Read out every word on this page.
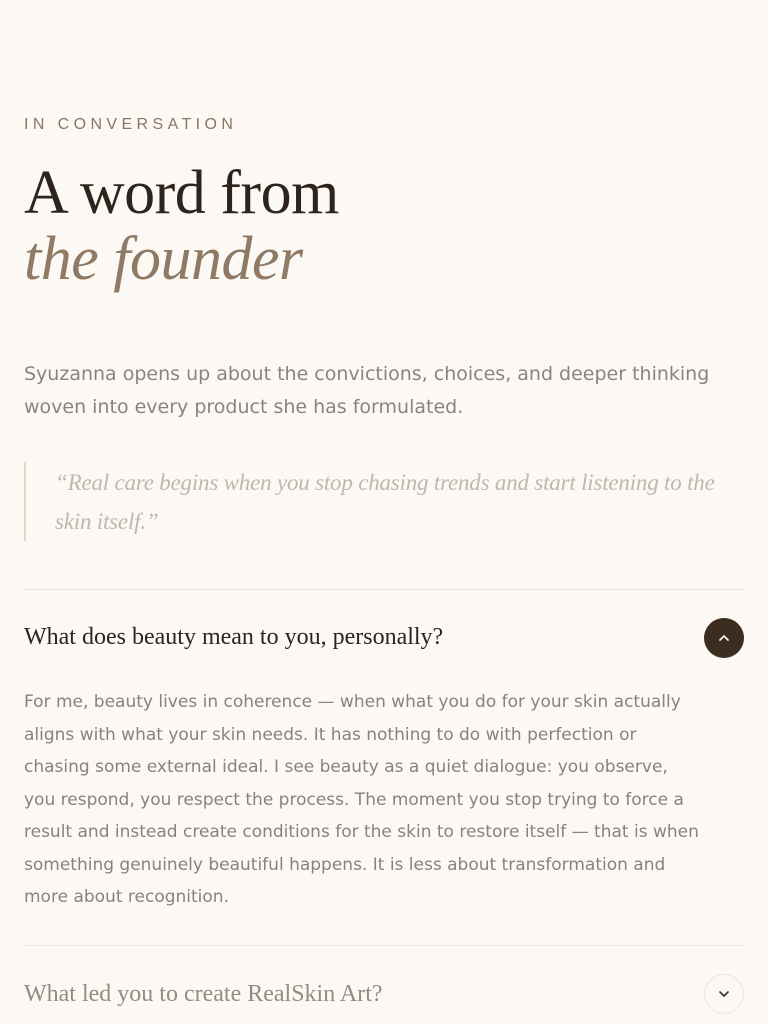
IN CONVERSATION
A word from
the founder

Syuzanna opens up about the convictions, choices, and deeper thinking woven into every product she has formulated.

“Real care begins when you stop chasing trends and start listening to the skin itself.”

What does beauty mean to you, personally?

For me, beauty lives in coherence — when what you do for your skin actually aligns with what your skin needs. It has nothing to do with perfection or chasing some external ideal. I see beauty as a quiet dialogue: you observe, you respond, you respect the process. The moment you stop trying to force a result and instead create conditions for the skin to restore itself — that is when something genuinely beautiful happens. It is less about transformation and more about recognition.

What led you to create RealSkin Art?
